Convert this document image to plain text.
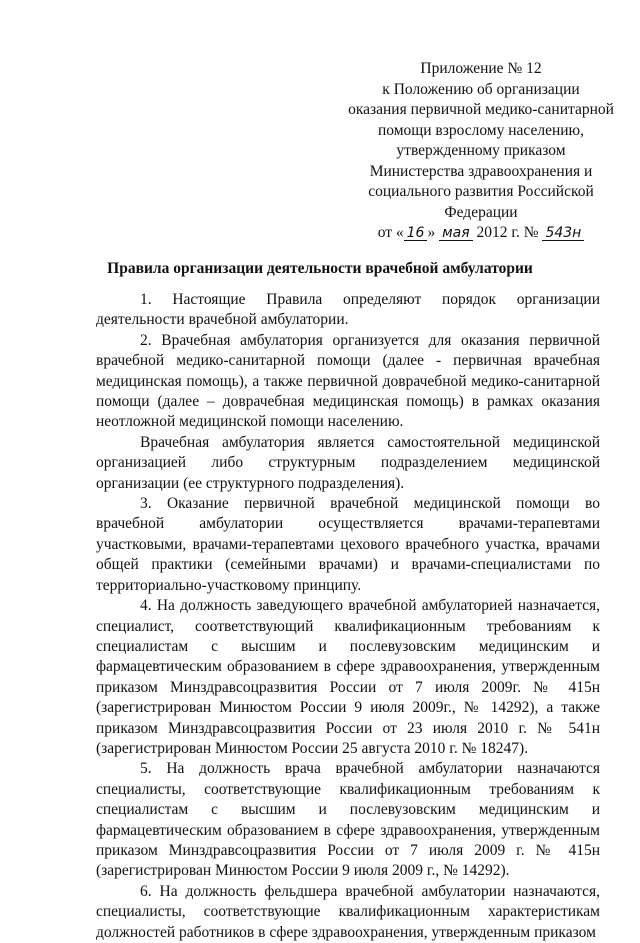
Приложение № 12
к Положению об организации
оказания первичной медико-санитарной
помощи взрослому населению,
утвержденному приказом
Министерства здравоохранения и
социального развития Российской
Федерации
от « 16 » мая 2012 г. № 543н
Правила организации деятельности врачебной амбулатории

1. Настоящие Правила определяют порядок организации деятельности врачебной амбулатории.

2. Врачебная амбулатория организуется для оказания первичной врачебной медико-санитарной помощи (далее - первичная врачебная медицинская помощь), а также первичной доврачебной медико-санитарной помощи (далее – доврачебная медицинская помощь) в рамках оказания неотложной медицинской помощи населению.

Врачебная амбулатория является самостоятельной медицинской организацией либо структурным подразделением медицинской организации (ее структурного подразделения).

3. Оказание первичной врачебной медицинской помощи во врачебной амбулатории осуществляется врачами-терапевтами участковыми, врачами-терапевтами цехового врачебного участка, врачами общей практики (семейными врачами) и врачами-специалистами по территориально-участковому принципу.

4. На должность заведующего врачебной амбулаторией назначается, специалист, соответствующий квалификационным требованиям к специалистам с высшим и послевузовским медицинским и фармацевтическим образованием в сфере здравоохранения, утвержденным приказом Минздравсоцразвития России от 7 июля 2009г. № 415н (зарегистрирован Минюстом России 9 июля 2009г., № 14292), а также приказом Минздравсоцразвития России от 23 июля 2010 г. № 541н (зарегистрирован Минюстом России 25 августа 2010 г. № 18247).

5. На должность врача врачебной амбулатории назначаются специалисты, соответствующие квалификационным требованиям к специалистам с высшим и послевузовским медицинским и фармацевтическим образованием в сфере здравоохранения, утвержденным приказом Минздравсоцразвития России от 7 июля 2009 г. № 415н (зарегистрирован Минюстом России 9 июля 2009 г., № 14292).

6. На должность фельдшера врачебной амбулатории назначаются, специалисты, соответствующие квалификационным характеристикам должностей работников в сфере здравоохранения, утвержденным приказом
